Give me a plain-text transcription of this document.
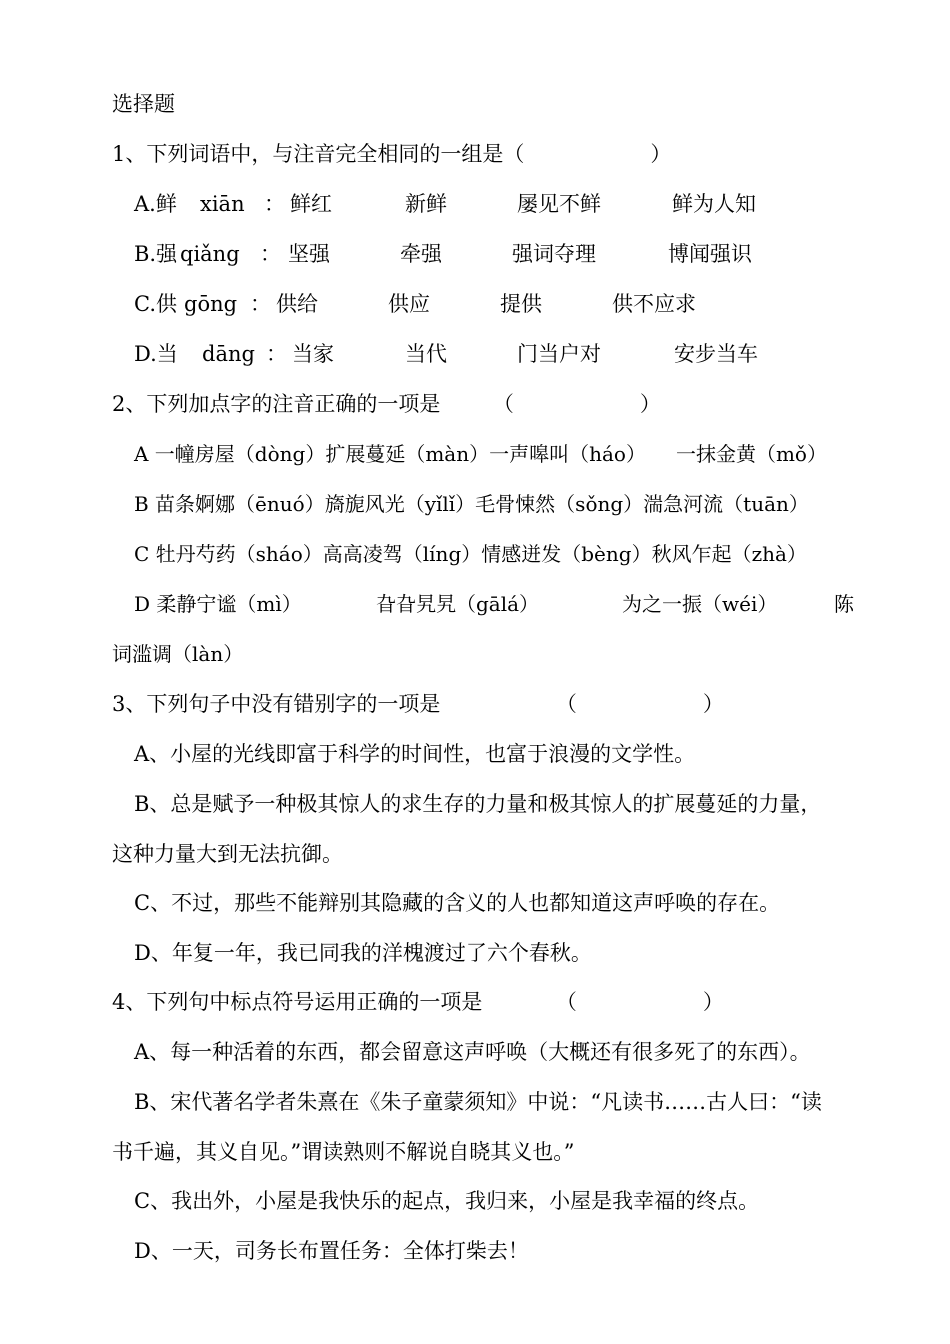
选择题
1、下列词语中，与注音完全相同的一组是（　　　　　　）
A.鲜 xiān ： 鲜红	新鲜	屡见不鲜	鲜为人知
B.强 qiǎng ： 坚强	牵强	强词夺理	博闻强识
C.供 gōng ： 供给	供应	提供	供不应求
D.当 dāng ： 当家	当代	门当户对	安步当车
2、下列加点字的注音正确的一项是　　　（　　　　　　）
A 一幢房屋（dòng）扩展蔓延（màn）一声嗥叫（háo）　　一抹金黄（mǒ）
B 苗条婀娜（ēnuó）旖旎风光（yǐlǐ）毛骨悚然（sǒng）湍急河流（tuān）
C 牡丹芍药（sháo）高高凌驾（líng）情感迸发（bèng）秋风乍起（zhà）
D 柔静宁谧（mì）	旮旮旯旯（gālá）	为之一振（wéi）	陈
词滥调（làn）
3、下列句子中没有错别字的一项是　　　　　　（　　　　　　）
A、小屋的光线即富于科学的时间性，也富于浪漫的文学性。
B、总是赋予一种极其惊人的求生存的力量和极其惊人的扩展蔓延的力量，
这种力量大到无法抗御。
C、不过，那些不能辩别其隐藏的含义的人也都知道这声呼唤的存在。
D、年复一年，我已同我的洋槐渡过了六个春秋。
4、下列句中标点符号运用正确的一项是　　　　（　　　　　　）
A、每一种活着的东西，都会留意这声呼唤（大概还有很多死了的东西）。
B、宋代著名学者朱熹在《朱子童蒙须知》中说：“凡读书……古人曰：“读
书千遍，其义自见。”谓读熟则不解说自晓其义也。”
C、我出外，小屋是我快乐的起点，我归来，小屋是我幸福的终点。
D、一天，司务长布置任务：全体打柴去！
